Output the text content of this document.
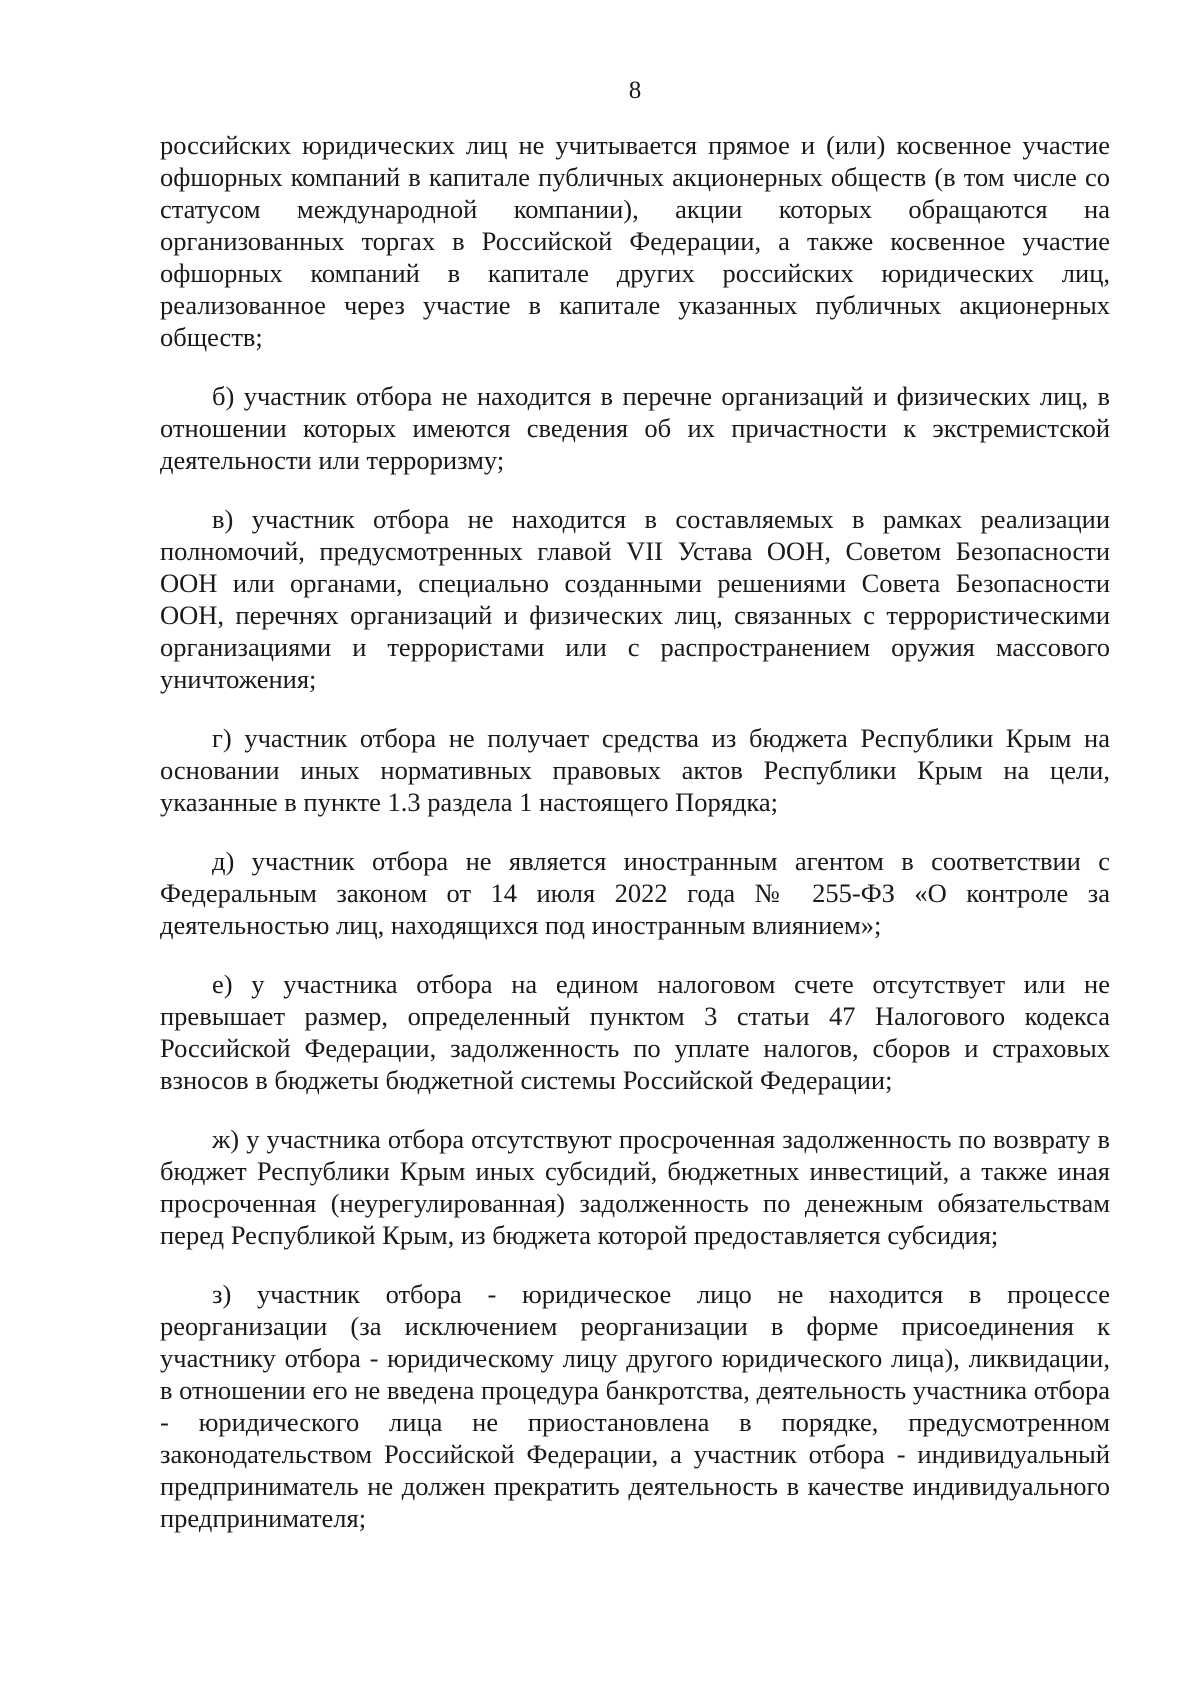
8

российских юридических лиц не учитывается прямое и (или) косвенное участие офшорных компаний в капитале публичных акционерных обществ (в том числе со статусом международной компании), акции которых обращаются на организованных торгах в Российской Федерации, а также косвенное участие офшорных компаний в капитале других российских юридических лиц, реализованное через участие в капитале указанных публичных акционерных обществ;

б) участник отбора не находится в перечне организаций и физических лиц, в отношении которых имеются сведения об их причастности к экстремистской деятельности или терроризму;

в) участник отбора не находится в составляемых в рамках реализации полномочий, предусмотренных главой VII Устава ООН, Советом Безопасности ООН или органами, специально созданными решениями Совета Безопасности ООН, перечнях организаций и физических лиц, связанных с террористическими организациями и террористами или с распространением оружия массового уничтожения;

г) участник отбора не получает средства из бюджета Республики Крым на основании иных нормативных правовых актов Республики Крым на цели, указанные в пункте 1.3 раздела 1 настоящего Порядка;

д) участник отбора не является иностранным агентом в соответствии с Федеральным законом от 14 июля 2022 года № 255-ФЗ «О контроле за деятельностью лиц, находящихся под иностранным влиянием»;

е) у участника отбора на едином налоговом счете отсутствует или не превышает размер, определенный пунктом 3 статьи 47 Налогового кодекса Российской Федерации, задолженность по уплате налогов, сборов и страховых взносов в бюджеты бюджетной системы Российской Федерации;

ж) у участника отбора отсутствуют просроченная задолженность по возврату в бюджет Республики Крым иных субсидий, бюджетных инвестиций, а также иная просроченная (неурегулированная) задолженность по денежным обязательствам перед Республикой Крым, из бюджета которой предоставляется субсидия;

з) участник отбора - юридическое лицо не находится в процессе реорганизации (за исключением реорганизации в форме присоединения к участнику отбора - юридическому лицу другого юридического лица), ликвидации, в отношении его не введена процедура банкротства, деятельность участника отбора - юридического лица не приостановлена в порядке, предусмотренном законодательством Российской Федерации, а участник отбора - индивидуальный предприниматель не должен прекратить деятельность в качестве индивидуального предпринимателя;
